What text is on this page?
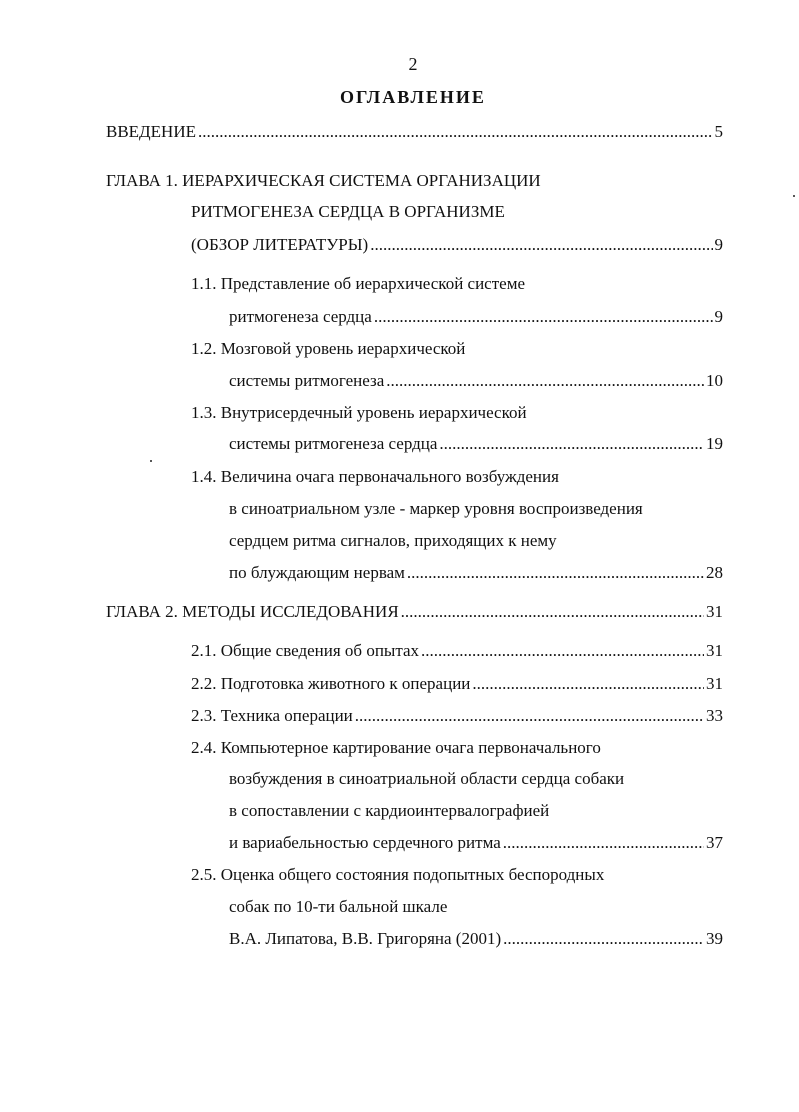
2
ОГЛАВЛЕНИЕ
ВВЕДЕНИЕ .....	5
ГЛАВА 1. ИЕРАРХИЧЕСКАЯ СИСТЕМА ОРГАНИЗАЦИИ
РИТМОГЕНЕЗА СЕРДЦА В ОРГАНИЗМЕ
(ОБЗОР ЛИТЕРАТУРЫ) .....	9
1.1. Представление об иерархической системе
ритмогенеза сердца .....	9
1.2. Мозговой уровень иерархической
системы ритмогенеза .....	10
1.3. Внутрисердечный уровень иерархической
системы ритмогенеза сердца .....	19
1.4. Величина очага первоначального возбуждения
в синоатриальном узле - маркер уровня воспроизведения
сердцем ритма сигналов, приходящих к нему
по блуждающим нервам .....	28
ГЛАВА 2. МЕТОДЫ ИССЛЕДОВАНИЯ .....	31
2.1. Общие сведения об опытах .....	31
2.2. Подготовка животного к операции .....	31
2.3. Техника операции .....	33
2.4. Компьютерное картирование очага первоначального
возбуждения в синоатриальной области сердца собаки
в сопоставлении с кардиоинтервалографией
и вариабельностью сердечного ритма .....	37
2.5. Оценка общего состояния подопытных беспородных
собак по 10-ти бальной шкале
В.А. Липатова, В.В. Григоряна (2001) .....	39
